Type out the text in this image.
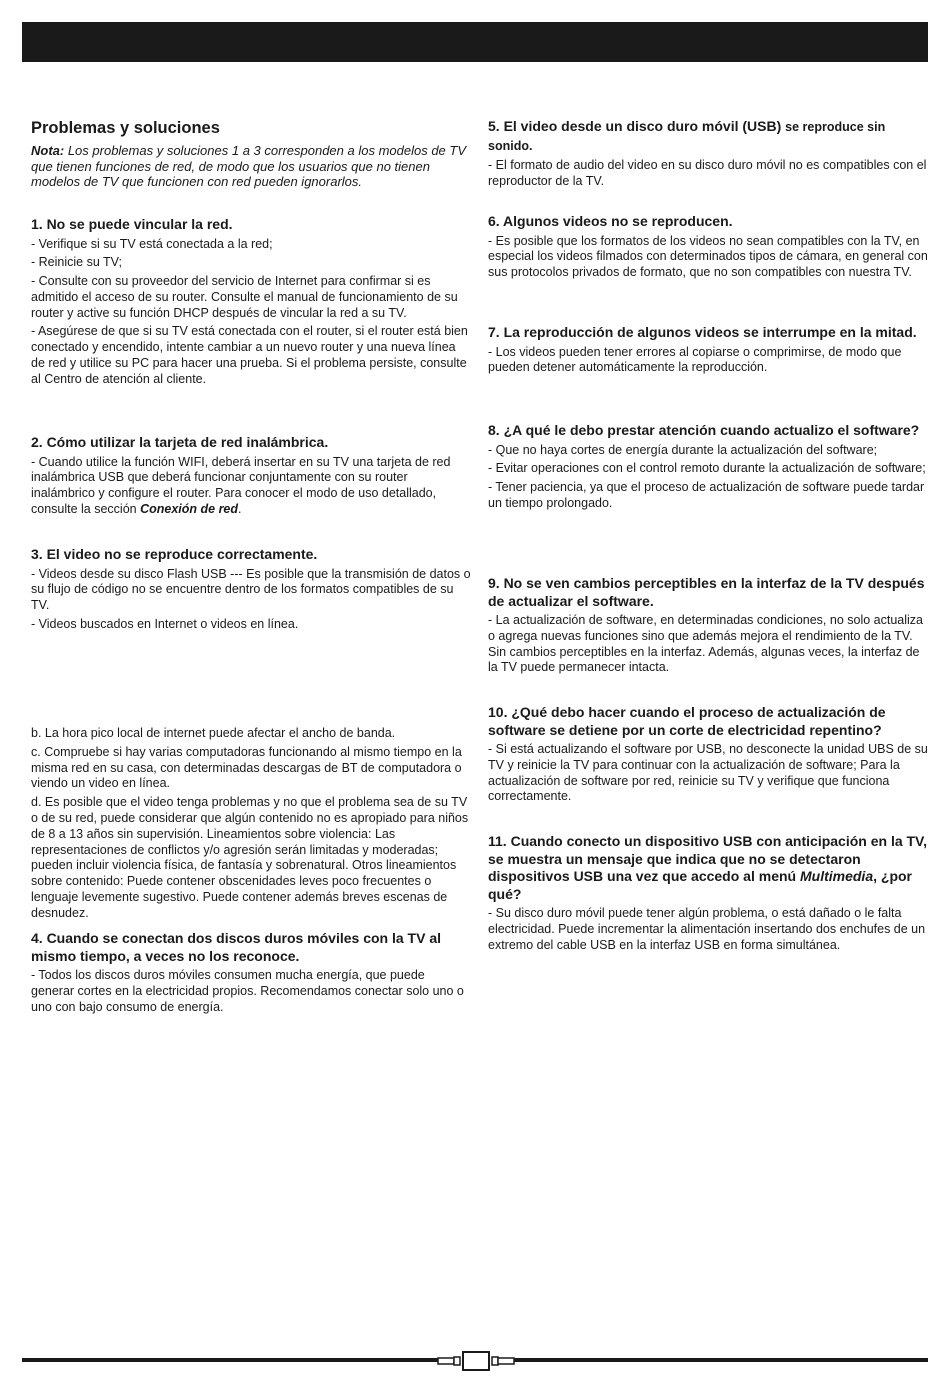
Problemas y soluciones

Nota: Los problemas y soluciones 1 a 3 corresponden a los modelos de TV que tienen funciones de red, de modo que los usuarios que no tienen modelos de TV que funcionen con red pueden ignorarlos.

1. No se puede vincular la red.

- Verifique si su TV está conectada a la red;

- Reinicie su TV;

- Consulte con su proveedor del servicio de Internet para confirmar si es admitido el acceso de su router. Consulte el manual de funcionamiento de su router y active su función DHCP después de vincular la red a su TV.

- Asegúrese de que si su TV está conectada con el router, si el router está bien conectado y encendido, intente cambiar a un nuevo router y una nueva línea de red y utilice su PC para hacer una prueba. Si el problema persiste, consulte al Centro de atención al cliente.

2. Cómo utilizar la tarjeta de red inalámbrica.

- Cuando utilice la función WIFI, deberá insertar en su TV una tarjeta de red inalámbrica USB que deberá funcionar conjuntamente con su router inalámbrico y configure el router. Para conocer el modo de uso detallado, consulte la sección Conexión de red.

3. El video no se reproduce correctamente.

- Videos desde su disco Flash USB --- Es posible que la transmisión de datos o su flujo de código no se encuentre dentro de los formatos compatibles de su TV.

- Videos buscados en Internet o videos en línea.

b. La hora pico local de internet puede afectar el ancho de banda.

c. Compruebe si hay varias computadoras funcionando al mismo tiempo en la misma red en su casa, con determinadas descargas de BT de computadora o viendo un video en línea.

d. Es posible que el video tenga problemas y no que el problema sea de su TV o de su red, puede considerar que algún contenido no es apropiado para niños de 8 a 13 años sin supervisión. Lineamientos sobre violencia: Las representaciones de conflictos y/o agresión serán limitadas y moderadas; pueden incluir violencia física, de fantasía y sobrenatural. Otros lineamientos sobre contenido: Puede contener obscenidades leves poco frecuentes o lenguaje levemente sugestivo. Puede contener además breves escenas de desnudez.

4. Cuando se conectan dos discos duros móviles con la TV al mismo tiempo, a veces no los reconoce.

- Todos los discos duros móviles consumen mucha energía, que puede generar cortes en la electricidad propios. Recomendamos conectar solo uno o uno con bajo consumo de energía.

5. El video desde un disco duro móvil (USB) se reproduce sin sonido.

- El formato de audio del video en su disco duro móvil no es compatibles con el reproductor de la TV.

6. Algunos videos no se reproducen.

- Es posible que los formatos de los videos no sean compatibles con la TV, en especial los videos filmados con determinados tipos de cámara, en general con sus protocolos privados de formato, que no son compatibles con nuestra TV.

7. La reproducción de algunos videos se interrumpe en la mitad.

- Los videos pueden tener errores al copiarse o comprimirse, de modo que pueden detener automáticamente la reproducción.

8. ¿A qué le debo prestar atención cuando actualizo el software?

- Que no haya cortes de energía durante la actualización del software;

- Evitar operaciones con el control remoto durante la actualización de software;

- Tener paciencia, ya que el proceso de actualización de software puede tardar un tiempo prolongado.

9. No se ven cambios perceptibles en la interfaz de la TV después de actualizar el software.

- La actualización de software, en determinadas condiciones, no solo actualiza o agrega nuevas funciones sino que además mejora el rendimiento de la TV. Sin cambios perceptibles en la interfaz. Además, algunas veces, la interfaz de la TV puede permanecer intacta.

10. ¿Qué debo hacer cuando el proceso de actualización de software se detiene por un corte de electricidad repentino?

- Si está actualizando el software por USB, no desconecte la unidad UBS de su TV y reinicie la TV para continuar con la actualización de software; Para la actualización de software por red, reinicie su TV y verifique que funciona correctamente.

11. Cuando conecto un dispositivo USB con anticipación en la TV, se muestra un mensaje que indica que no se detectaron dispositivos USB una vez que accedo al menú Multimedia, ¿por qué?

- Su disco duro móvil puede tener algún problema, o está dañado o le falta electricidad. Puede incrementar la alimentación insertando dos enchufes de un extremo del cable USB en la interfaz USB en forma simultánea.
